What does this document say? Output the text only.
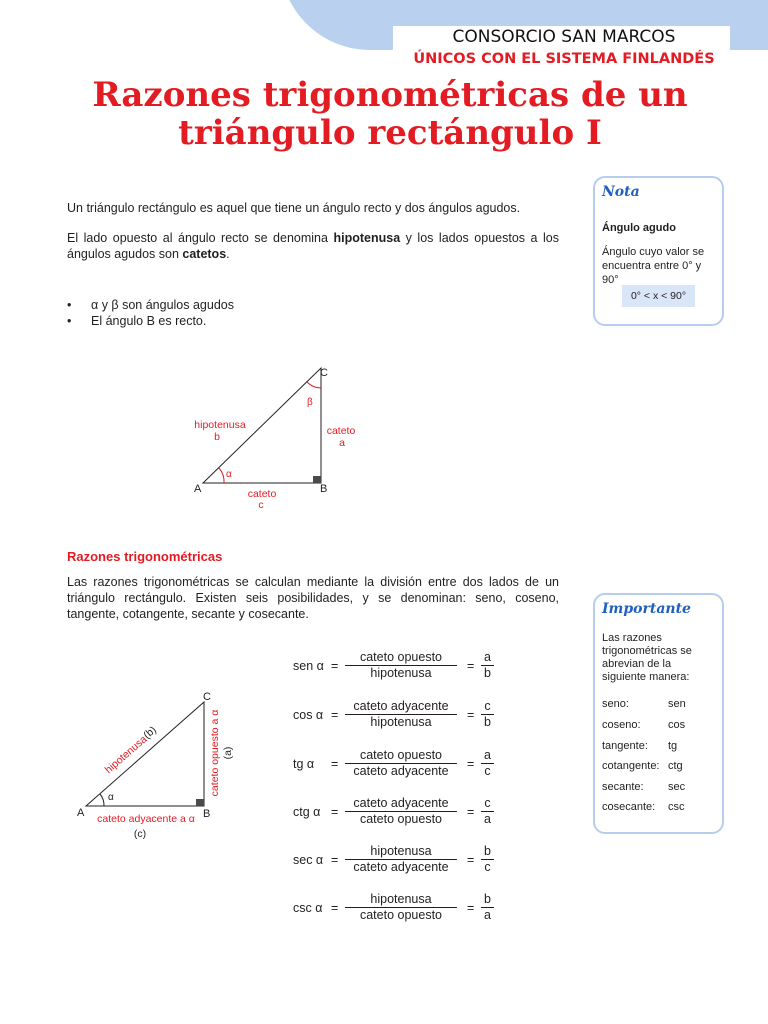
CONSORCIO SAN MARCOS
ÚNICOS CON EL SISTEMA FINLANDÉS
Razones trigonométricas de un
triángulo rectángulo I

Un triángulo rectángulo es aquel que tiene un ángulo recto y dos ángulos agudos.

El lado opuesto al ángulo recto se denomina hipotenusa y los lados opuestos a los ángulos agudos son catetos.

• α y β son ángulos agudos
• El ángulo B es recto.
A	B
C
α
β
hipotenusa
b	cateto
a
cateto
c
Razones trigonométricas

Las razones trigonométricas se calculan mediante la división entre dos lados de un triángulo rectángulo. Existen seis posibilidades, y se denominan: seno, coseno, tangente, cotangente, secante y cosecante.

A	B
C
α
hipotenusa
(b)	cateto opuesto a α (a)
cateto adyacente a α
(c)
sen α =
cateto opuesto
hipotenusa	= $\frac{a}{b}$
cos α =
cateto adyacente
hipotenusa	= $\frac{c}{b}$
tg α =
cateto opuesto
cateto adyacente	= $\frac{a}{c}$
ctg α =
cateto adyacente
cateto opuesto	= $\frac{c}{a}$
sec α =
hipotenusa
cateto adyacente	= $\frac{b}{c}$
csc α =
hipotenusa
cateto opuesto	= $\frac{b}{a}$
Nota
Ángulo agudo
Ángulo cuyo valor se encuentra entre 0° y 90°
0° < x < 90°
Importante
Las razones trigonométricas se abrevian de la siguiente manera:
seno:	sen
coseno: cos
tangente: tg
cotangente: ctg
secante: sec
cosecante: csc
